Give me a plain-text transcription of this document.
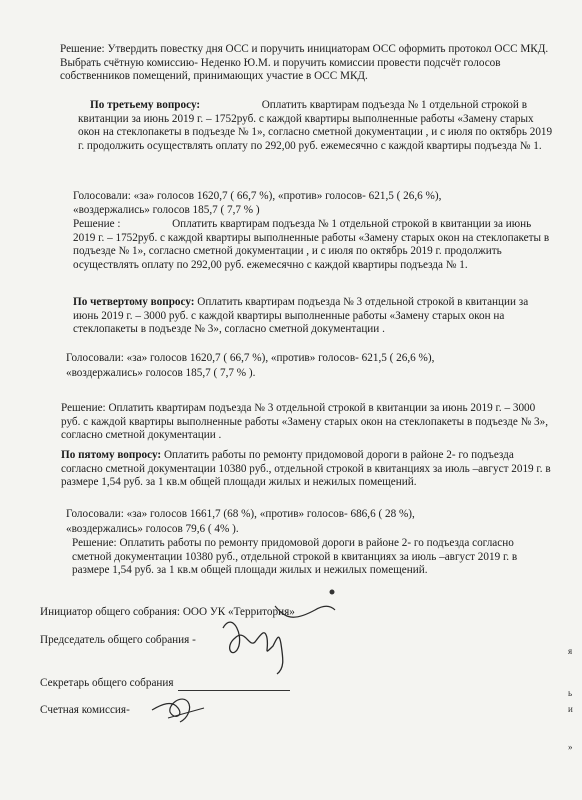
Решение: Утвердить повестку дня ОСС и поручить инициаторам ОСС оформить протокол ОСС МКД. Выбрать счётную комиссию- Неденко Ю.М. и поручить комиссии провести подсчёт голосов собственников помещений, принимающих участие в ОСС МКД.

По третьему вопросу:	Оплатить квартирам подъезда № 1 отдельной строкой в квитанции за июнь 2019 г. – 1752руб. с каждой квартиры выполненные работы «Замену старых окон на стеклопакеты в подъезде № 1», согласно сметной документации , и с июля по октябрь 2019 г. продолжить осуществлять оплату по 292,00 руб. ежемесячно с каждой квартиры подъезда № 1.

Голосовали: «за» голосов 1620,7 ( 66,7 %), «против» голосов- 621,5 ( 26,6 %),

«воздержались» голосов 185,7 ( 7,7 % )

Решение :	Оплатить квартирам подъезда № 1 отдельной строкой в квитанции за июнь 2019 г. – 1752руб. с каждой квартиры выполненные работы «Замену старых окон на стеклопакеты в подъезде № 1», согласно сметной документации , и с июля по октябрь 2019 г. продолжить осуществлять оплату по 292,00 руб. ежемесячно с каждой квартиры подъезда № 1.

По четвертому вопросу: Оплатить квартирам подъезда № 3 отдельной строкой в квитанции за июнь 2019 г. – 3000 руб. с каждой квартиры выполненные работы «Замену старых окон на стеклопакеты в подъезде № 3», согласно сметной документации .

Голосовали: «за» голосов 1620,7 ( 66,7 %), «против» голосов- 621,5 ( 26,6 %),

«воздержались» голосов 185,7 ( 7,7 % ).

Решение: Оплатить квартирам подъезда № 3 отдельной строкой в квитанции за июнь 2019 г. – 3000 руб. с каждой квартиры выполненные работы «Замену старых окон на стеклопакеты в подъезде № 3», согласно сметной документации .

По пятому вопросу: Оплатить работы по ремонту придомовой дороги в районе 2- го подъезда согласно сметной документации 10380 руб., отдельной строкой в квитанциях за июль –август 2019 г. в размере 1,54 руб. за 1 кв.м общей площади жилых и нежилых помещений.

Голосовали: «за» голосов 1661,7 (68 %), «против» голосов- 686,6 ( 28 %),

«воздержались» голосов 79,6 ( 4% ).

Решение: Оплатить работы по ремонту придомовой дороги в районе 2- го подъезда согласно сметной документации 10380 руб., отдельной строкой в квитанциях за июль –август 2019 г. в размере 1,54 руб. за 1 кв.м общей площади жилых и нежилых помещений.

Инициатор общего собрания: ООО УК «Территория»

Председатель общего собрания -

Секретарь общего собрания

Счетная комиссия-

я
ь
и
»
